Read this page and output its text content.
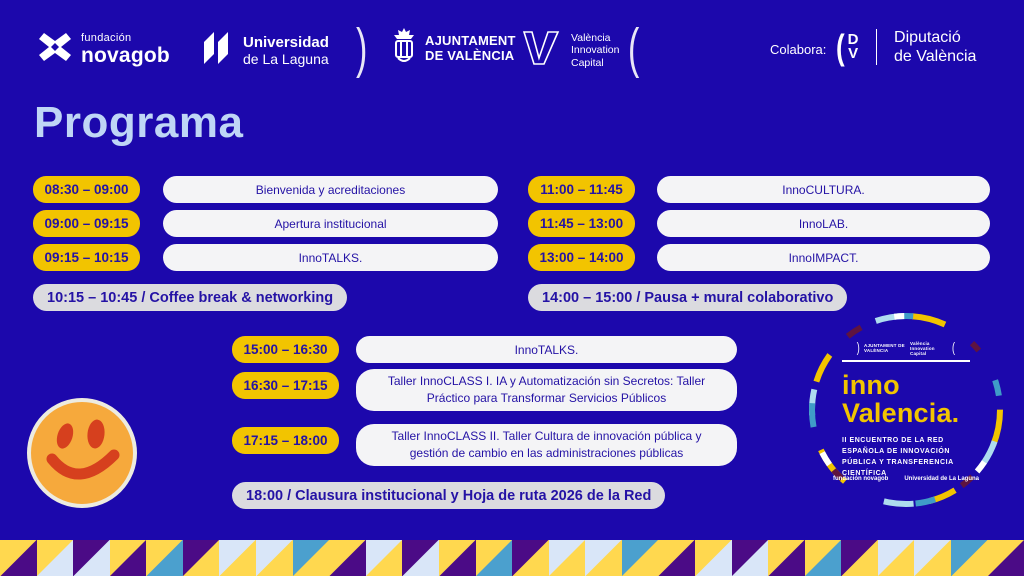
fundación
novagob
Universidad
de La Laguna )	AJUNTAMENT
DE VALÈNCIA
València
Innovation
Capital (	Colabora: ( D
V
Diputació
de València
Programa
08:30 – 09:00	Bienvenida y acreditaciones
09:00 – 09:15	Apertura institucional
09:15 – 10:15	InnoTALKS.
10:15 – 10:45 / Coffee break & networking
11:00 – 11:45	InnoCULTURA.
11:45 – 13:00	InnoLAB.
13:00 – 14:00	InnoIMPACT.
14:00 – 15:00 / Pausa + mural colaborativo
15:00 – 16:30	InnoTALKS.
16:30 – 17:15	Taller InnoCLASS I. IA y Automatización sin Secretos: Taller Práctico para Transformar Servicios Públicos
17:15 – 18:00	Taller InnoCLASS II. Taller Cultura de innovación pública y gestión de cambio en las administraciones públicas
18:00 / Clausura institucional y Hoja de ruta 2026 de la Red
) AJUNTAMENT DE VALÈNCIA
València Innovation Capital	(
inno
Valencia.
II ENCUENTRO DE LA RED ESPAÑOLA DE INNOVACIÓN PÚBLICA Y TRANSFERENCIA CIENTÍFICA
fundación novagob	Universidad de La Laguna
